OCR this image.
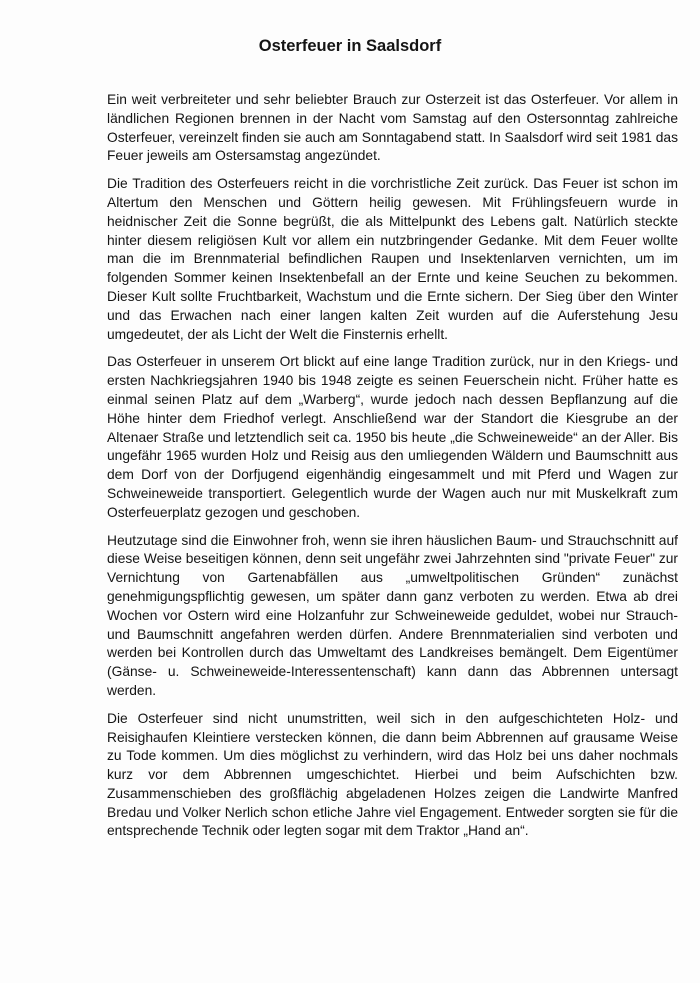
Osterfeuer in Saalsdorf

Ein weit verbreiteter und sehr beliebter Brauch zur Osterzeit ist das Osterfeuer. Vor allem in ländlichen Regionen brennen in der Nacht vom Samstag auf den Ostersonntag zahlreiche Osterfeuer, vereinzelt finden sie auch am Sonntagabend statt. In Saalsdorf wird seit 1981 das Feuer jeweils am Ostersamstag angezündet.

Die Tradition des Osterfeuers reicht in die vorchristliche Zeit zurück. Das Feuer ist schon im Altertum den Menschen und Göttern heilig gewesen. Mit Frühlingsfeuern wurde in heidnischer Zeit die Sonne begrüßt, die als Mittelpunkt des Lebens galt. Natürlich steckte hinter diesem religiösen Kult vor allem ein nutzbringender Gedanke. Mit dem Feuer wollte man die im Brennmaterial befindlichen Raupen und Insektenlarven vernichten, um im folgenden Sommer keinen Insektenbefall an der Ernte und keine Seuchen zu bekommen. Dieser Kult sollte Fruchtbarkeit, Wachstum und die Ernte sichern. Der Sieg über den Winter und das Erwachen nach einer langen kalten Zeit wurden auf die Auferstehung Jesu umgedeutet, der als Licht der Welt die Finsternis erhellt.

Das Osterfeuer in unserem Ort blickt auf eine lange Tradition zurück, nur in den Kriegs- und ersten Nachkriegsjahren 1940 bis 1948 zeigte es seinen Feuerschein nicht. Früher hatte es einmal seinen Platz auf dem „Warberg“, wurde jedoch nach dessen Bepflanzung auf die Höhe hinter dem Friedhof verlegt. Anschließend war der Standort die Kiesgrube an der Altenaer Straße und letztendlich seit ca. 1950 bis heute „die Schweineweide“ an der Aller. Bis ungefähr 1965 wurden Holz und Reisig aus den umliegenden Wäldern und Baumschnitt aus dem Dorf von der Dorfjugend eigenhändig eingesammelt und mit Pferd und Wagen zur Schweineweide transportiert. Gelegentlich wurde der Wagen auch nur mit Muskelkraft zum Osterfeuerplatz gezogen und geschoben.

Heutzutage sind die Einwohner froh, wenn sie ihren häuslichen Baum- und Strauchschnitt auf diese Weise beseitigen können, denn seit ungefähr zwei Jahrzehnten sind "private Feuer" zur Vernichtung von Gartenabfällen aus „umweltpolitischen Gründen“ zunächst genehmigungspflichtig gewesen, um später dann ganz verboten zu werden. Etwa ab drei Wochen vor Ostern wird eine Holzanfuhr zur Schweineweide geduldet, wobei nur Strauch- und Baumschnitt angefahren werden dürfen. Andere Brennmaterialien sind verboten und werden bei Kontrollen durch das Umweltamt des Landkreises bemängelt. Dem Eigentümer (Gänse- u. Schweineweide-Interessentenschaft) kann dann das Abbrennen untersagt werden.

Die Osterfeuer sind nicht unumstritten, weil sich in den aufgeschichteten Holz- und Reisighaufen Kleintiere verstecken können, die dann beim Abbrennen auf grausame Weise zu Tode kommen. Um dies möglichst zu verhindern, wird das Holz bei uns daher nochmals kurz vor dem Abbrennen umgeschichtet. Hierbei und beim Aufschichten bzw. Zusammenschieben des großflächig abgeladenen Holzes zeigen die Landwirte Manfred Bredau und Volker Nerlich schon etliche Jahre viel Engagement. Entweder sorgten sie für die entsprechende Technik oder legten sogar mit dem Traktor „Hand an“.
